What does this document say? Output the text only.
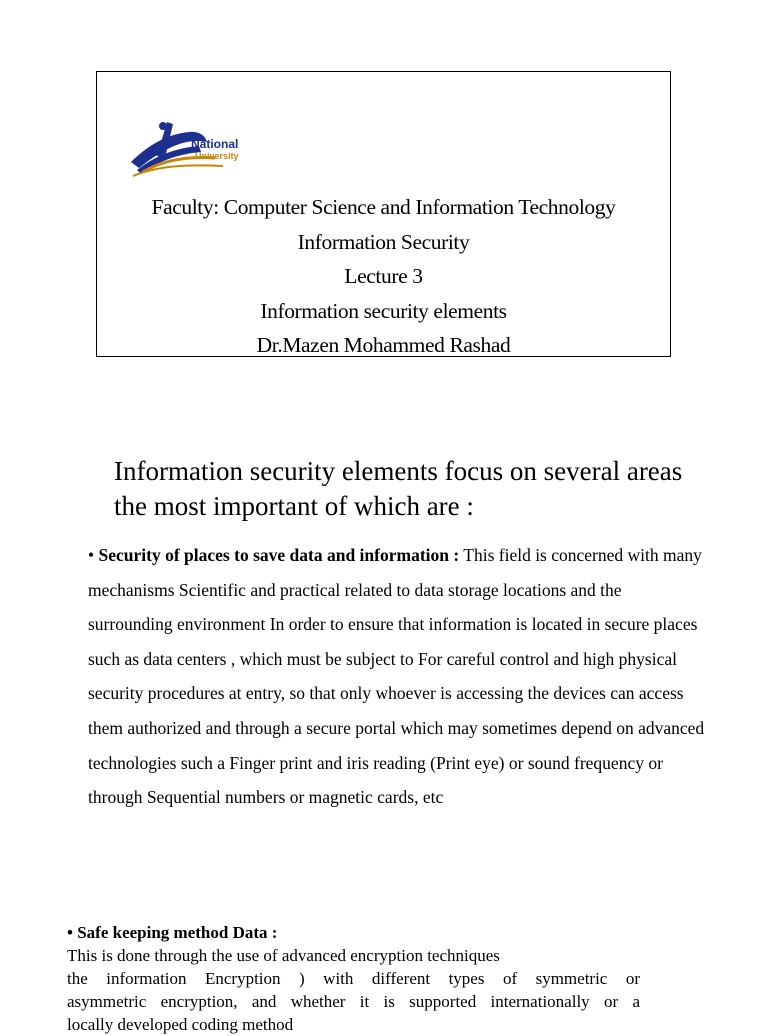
National
University
Faculty: Computer Science and Information Technology
Information Security
Lecture 3
Information security elements
Dr.Mazen Mohammed Rashad
Information security elements focus on several areas the most important of which are :
• Security of places to save data and information : This field is concerned with many mechanisms Scientific and practical related to data storage locations and the surrounding environment In order to ensure that information is located in secure places such as data centers , which must be subject to For careful control and high physical security procedures at entry, so that only whoever is accessing the devices can access them authorized and through a secure portal which may sometimes depend on advanced technologies such a Finger print and iris reading (Print eye) or sound frequency or through Sequential numbers or magnetic cards, etc
• Safe keeping method Data :
This is done through the use of advanced encryption techniques
the information Encryption ) with different types of symmetric or
asymmetric encryption, and whether it is supported internationally or a
locally developed coding method
